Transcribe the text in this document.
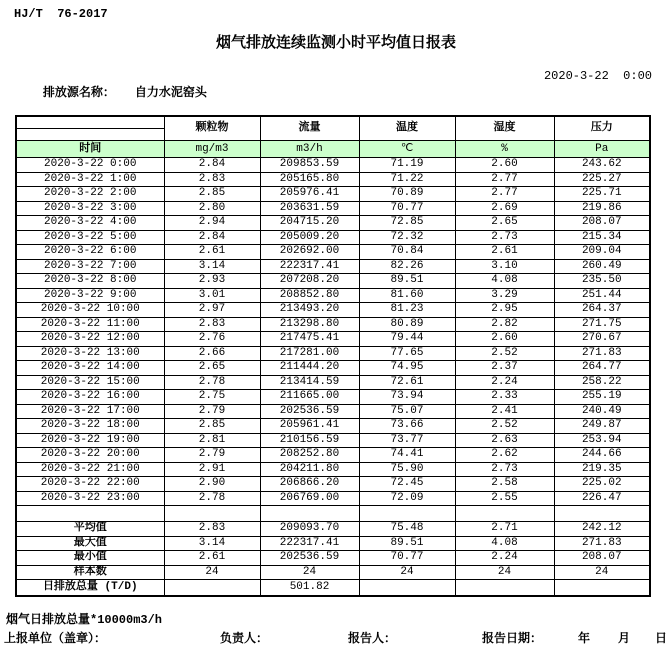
HJ/T  76-2017
烟气排放连续监测小时平均值日报表

排放源名称： 自力水泥窑头

2020-3-22  0:00
	颗粒物	流量	温度	湿度	压力

时间	mg/m3	m3/h	℃	%	Pa
2020-3-22 0:00	2.84	209853.59	71.19	2.60	243.62
2020-3-22 1:00	2.83	205165.80	71.22	2.77	225.27
2020-3-22 2:00	2.85	205976.41	70.89	2.77	225.71
2020-3-22 3:00	2.80	203631.59	70.77	2.69	219.86
2020-3-22 4:00	2.94	204715.20	72.85	2.65	208.07
2020-3-22 5:00	2.84	205009.20	72.32	2.73	215.34
2020-3-22 6:00	2.61	202692.00	70.84	2.61	209.04
2020-3-22 7:00	3.14	222317.41	82.26	3.10	260.49
2020-3-22 8:00	2.93	207208.20	89.51	4.08	235.50
2020-3-22 9:00	3.01	208852.80	81.60	3.29	251.44
2020-3-22 10:00	2.97	213493.20	81.23	2.95	264.37
2020-3-22 11:00	2.83	213298.80	80.89	2.82	271.75
2020-3-22 12:00	2.76	217475.41	79.44	2.60	270.67
2020-3-22 13:00	2.66	217281.00	77.65	2.52	271.83
2020-3-22 14:00	2.65	211444.20	74.95	2.37	264.77
2020-3-22 15:00	2.78	213414.59	72.61	2.24	258.22
2020-3-22 16:00	2.75	211665.00	73.94	2.33	255.19
2020-3-22 17:00	2.79	202536.59	75.07	2.41	240.49
2020-3-22 18:00	2.85	205961.41	73.66	2.52	249.87
2020-3-22 19:00	2.81	210156.59	73.77	2.63	253.94
2020-3-22 20:00	2.79	208252.80	74.41	2.62	244.66
2020-3-22 21:00	2.91	204211.80	75.90	2.73	219.35
2020-3-22 22:00	2.90	206866.20	72.45	2.58	225.02
2020-3-22 23:00	2.78	206769.00	72.09	2.55	226.47

平均值	2.83	209093.70	75.48	2.71	242.12
最大值	3.14	222317.41	89.51	4.08	271.83
最小值	2.61	202536.59	70.77	2.24	208.07
样本数	24	24	24	24	24
日排放总量 (T/D)		501.82			
烟气日排放总量*10000m3/h
上报单位（盖章）：	负责人：	报告人：	报告日期：	年 月 日
